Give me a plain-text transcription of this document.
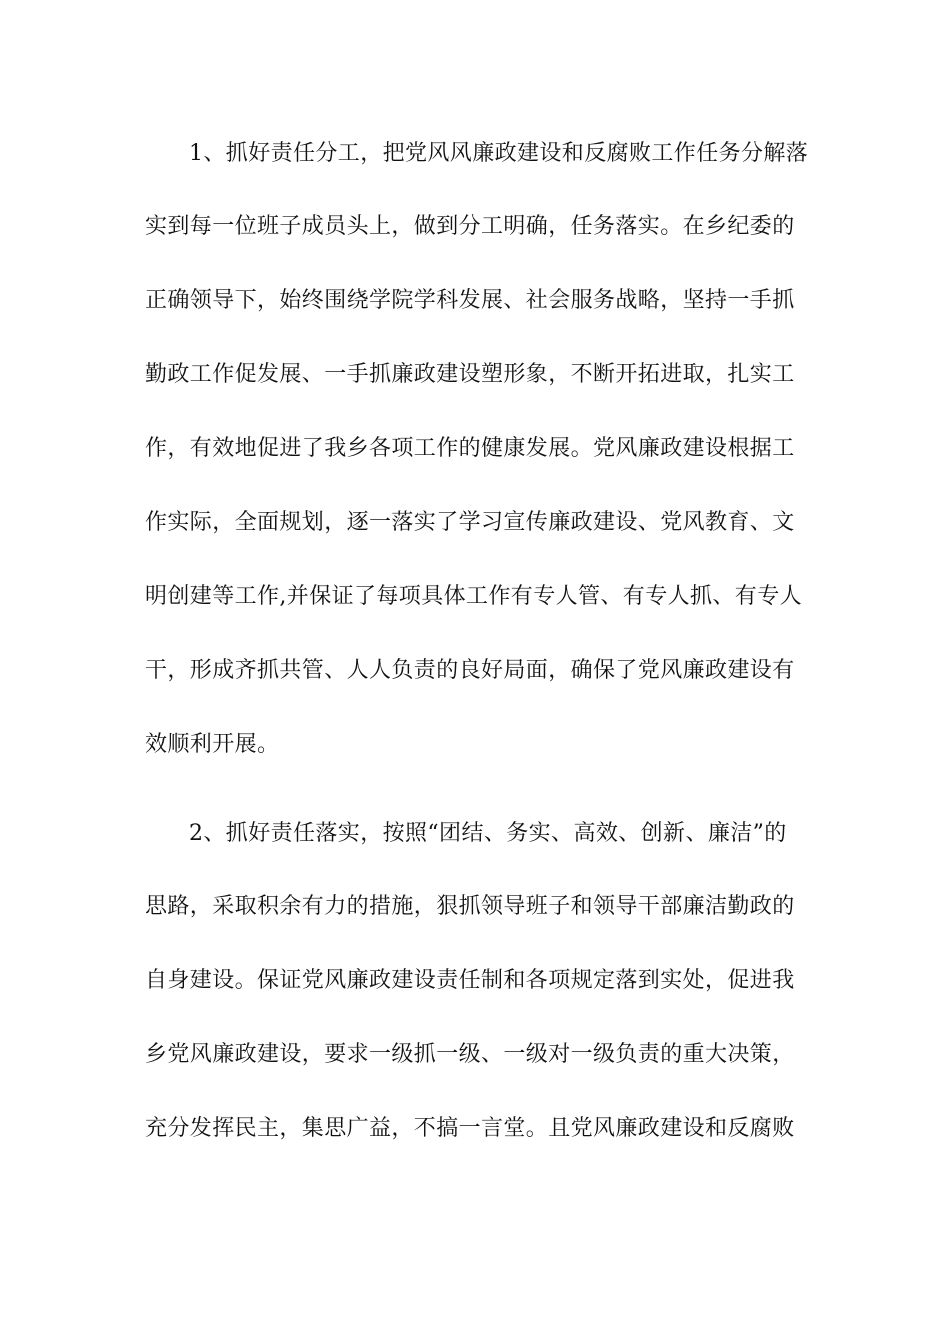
1、抓好责任分工，把党风风廉政建设和反腐败工作任务分解落
实到每一位班子成员头上，做到分工明确，任务落实。在乡纪委的
正确领导下，始终围绕学院学科发展、社会服务战略，坚持一手抓
勤政工作促发展、一手抓廉政建设塑形象，不断开拓进取，扎实工
作，有效地促进了我乡各项工作的健康发展。党风廉政建设根据工
作实际，全面规划，逐一落实了学习宣传廉政建设、党风教育、文
明创建等工作,并保证了每项具体工作有专人管、有专人抓、有专人
干，形成齐抓共管、人人负责的良好局面，确保了党风廉政建设有
效顺利开展。
2、抓好责任落实，按照“团结、务实、高效、创新、廉洁”的
思路，采取积余有力的措施，狠抓领导班子和领导干部廉洁勤政的
自身建设。保证党风廉政建设责任制和各项规定落到实处，促进我
乡党风廉政建设，要求一级抓一级、一级对一级负责的重大决策，
充分发挥民主，集思广益，不搞一言堂。且党风廉政建设和反腐败
